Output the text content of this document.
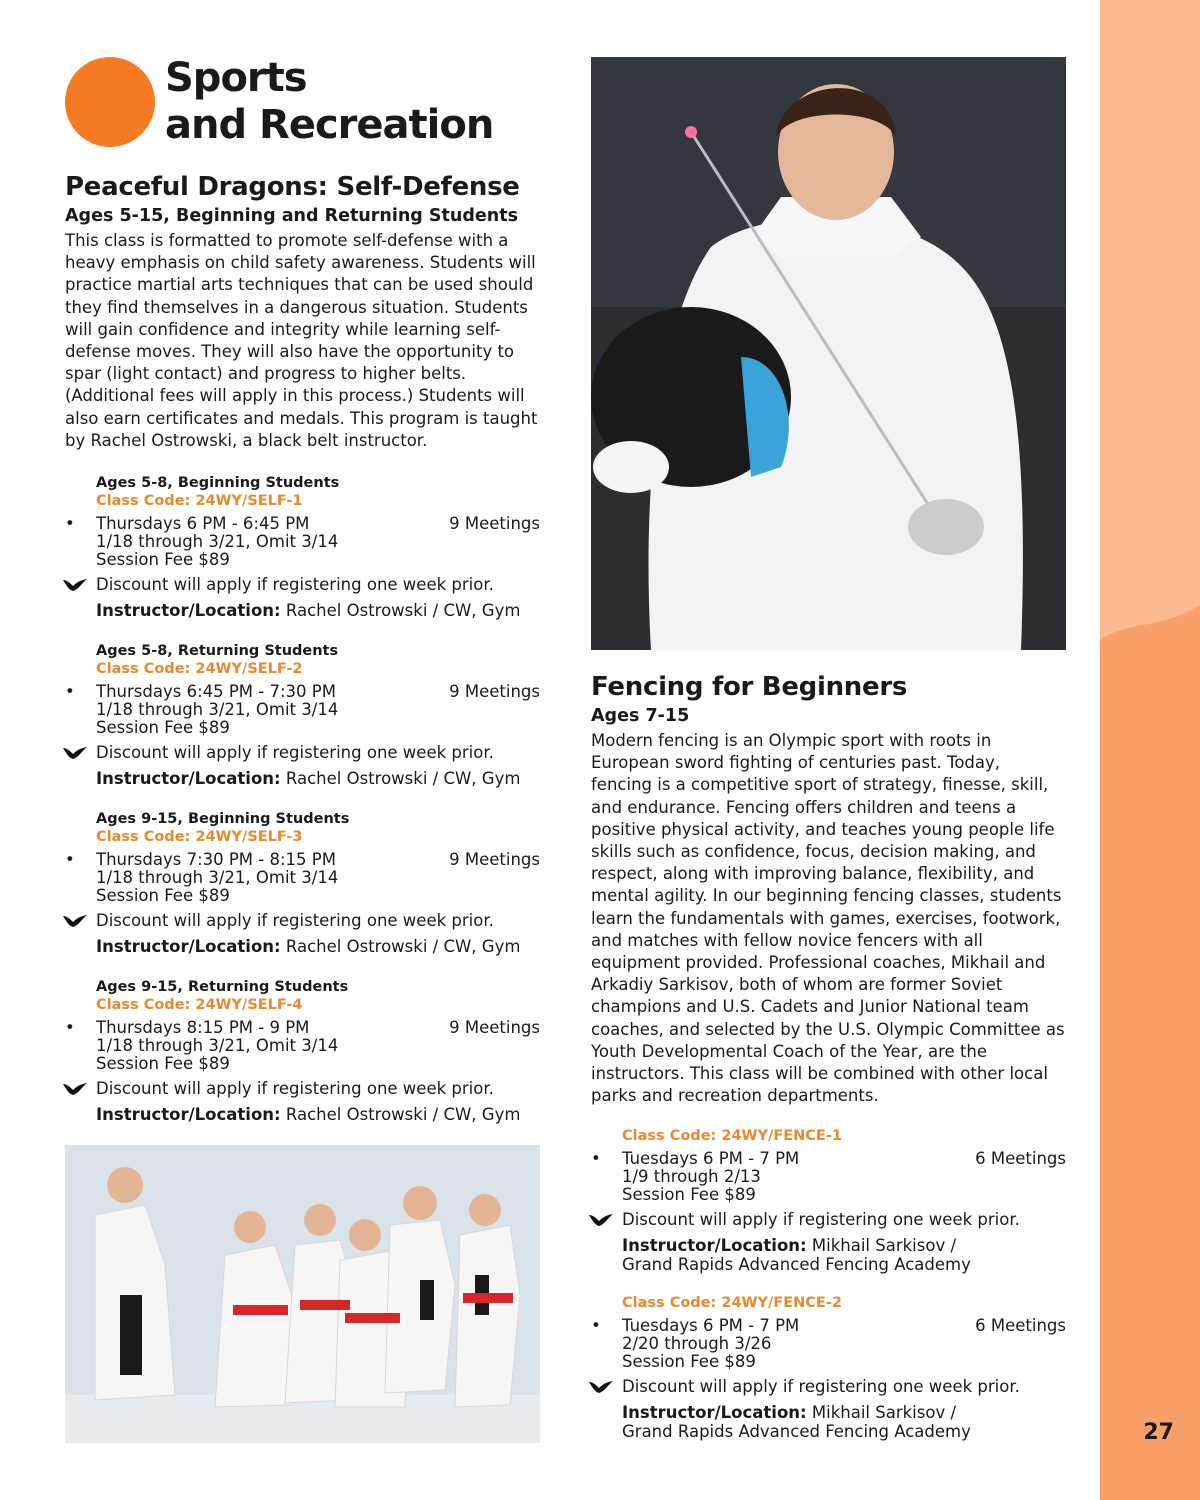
27
Sports
and Recreation
Peaceful Dragons: Self-Defense
Ages 5-15, Beginning and Returning Students

This class is formatted to promote self-defense with a heavy emphasis on child safety awareness. Students will practice martial arts techniques that can be used should they find themselves in a dangerous situation. Students will gain confidence and integrity while learning self-defense moves. They will also have the opportunity to spar (light contact) and progress to higher belts. (Additional fees will apply in this process.) Students will also earn certificates and medals. This program is taught by Rachel Ostrowski, a black belt instructor.

Ages 5-8, Beginning Students
Class Code: 24WY/SELF-1
• Thursdays 6 PM - 6:45 PM	9 Meetings
1/18 through 3/21, Omit 3/14
Session Fee $89
Discount will apply if registering one week prior.
Instructor/Location: Rachel Ostrowski / CW, Gym
Ages 5-8, Returning Students
Class Code: 24WY/SELF-2
• Thursdays 6:45 PM - 7:30 PM	9 Meetings
1/18 through 3/21, Omit 3/14
Session Fee $89
Discount will apply if registering one week prior.
Instructor/Location: Rachel Ostrowski / CW, Gym
Ages 9-15, Beginning Students
Class Code: 24WY/SELF-3
• Thursdays 7:30 PM - 8:15 PM	9 Meetings
1/18 through 3/21, Omit 3/14
Session Fee $89
Discount will apply if registering one week prior.
Instructor/Location: Rachel Ostrowski / CW, Gym
Ages 9-15, Returning Students
Class Code: 24WY/SELF-4
• Thursdays 8:15 PM - 9 PM	9 Meetings
1/18 through 3/21, Omit 3/14
Session Fee $89
Discount will apply if registering one week prior.
Instructor/Location: Rachel Ostrowski / CW, Gym
Fencing for Beginners
Ages 7-15

Modern fencing is an Olympic sport with roots in European sword fighting of centuries past. Today, fencing is a competitive sport of strategy, finesse, skill, and endurance. Fencing offers children and teens a positive physical activity, and teaches young people life skills such as confidence, focus, decision making, and respect, along with improving balance, flexibility, and mental agility. In our beginning fencing classes, students learn the fundamentals with games, exercises, footwork, and matches with fellow novice fencers with all equipment provided. Professional coaches, Mikhail and Arkadiy Sarkisov, both of whom are former Soviet champions and U.S. Cadets and Junior National team coaches, and selected by the U.S. Olympic Committee as Youth Developmental Coach of the Year, are the instructors. This class will be combined with other local parks and recreation departments.

Class Code: 24WY/FENCE-1
• Tuesdays 6 PM - 7 PM	6 Meetings
1/9 through 2/13
Session Fee $89
Discount will apply if registering one week prior.
Instructor/Location: Mikhail Sarkisov /
Grand Rapids Advanced Fencing Academy
Class Code: 24WY/FENCE-2
• Tuesdays 6 PM - 7 PM	6 Meetings
2/20 through 3/26
Session Fee $89
Discount will apply if registering one week prior.
Instructor/Location: Mikhail Sarkisov /
Grand Rapids Advanced Fencing Academy
